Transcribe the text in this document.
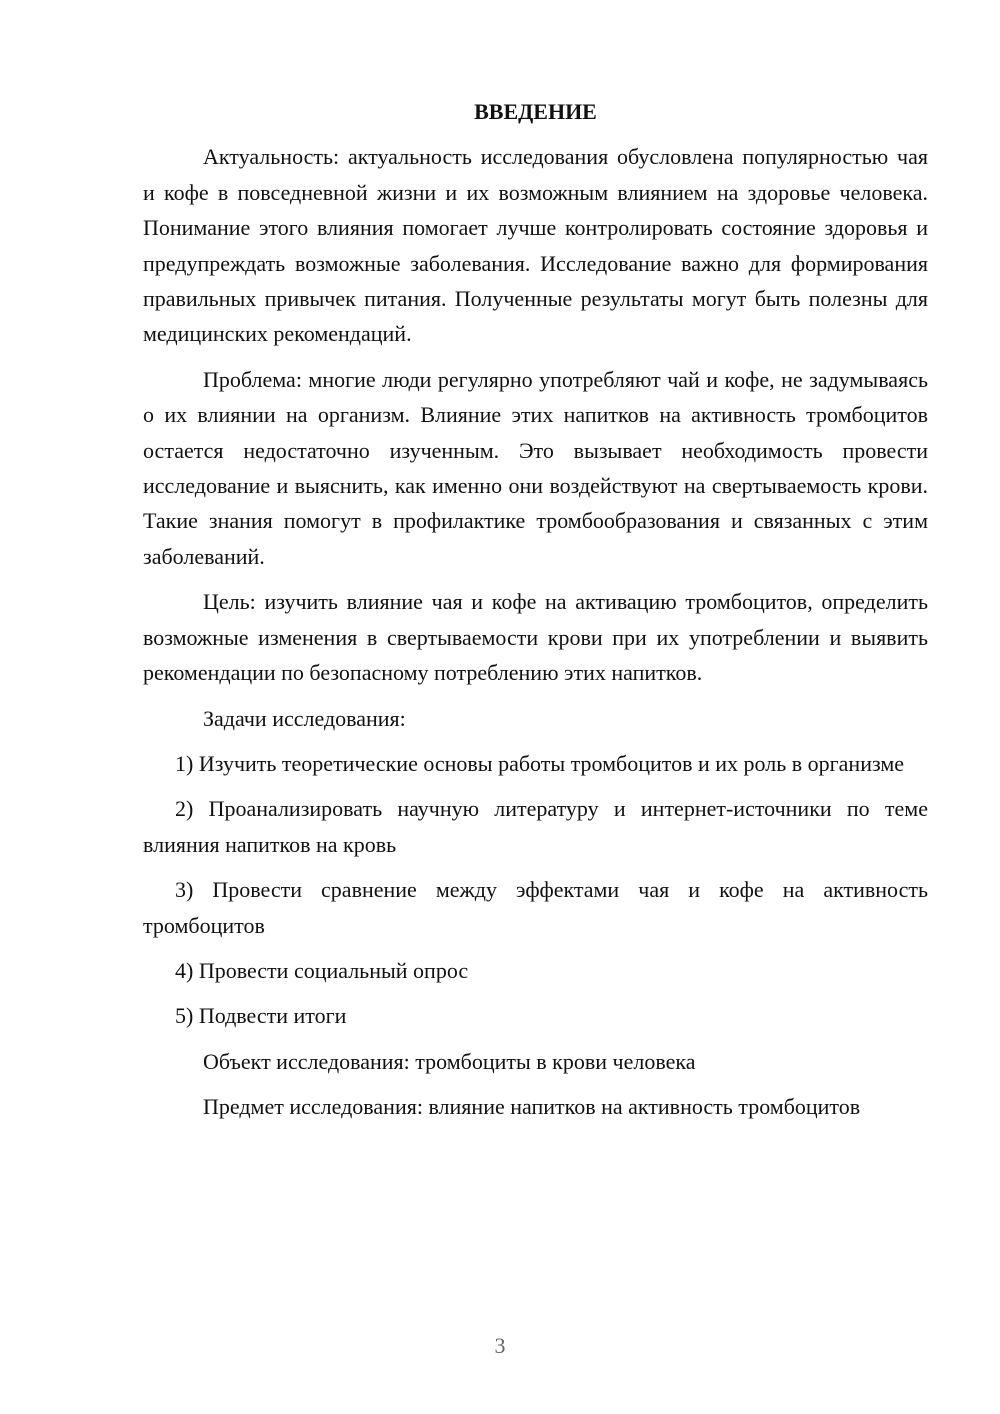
ВВЕДЕНИЕ

Актуальность: актуальность исследования обусловлена популярностью чая и кофе в повседневной жизни и их возможным влиянием на здоровье человека. Понимание этого влияния помогает лучше контролировать состояние здоровья и предупреждать возможные заболевания. Исследование важно для формирования правильных привычек питания. Полученные результаты могут быть полезны для медицинских рекомендаций.

Проблема: многие люди регулярно употребляют чай и кофе, не задумываясь о их влиянии на организм. Влияние этих напитков на активность тромбоцитов остается недостаточно изученным. Это вызывает необходимость провести исследование и выяснить, как именно они воздействуют на свертываемость крови. Такие знания помогут в профилактике тромбообразования и связанных с этим заболеваний.

Цель: изучить влияние чая и кофе на активацию тромбоцитов, определить возможные изменения в свертываемости крови при их употреблении и выявить рекомендации по безопасному потреблению этих напитков.

Задачи исследования:

1) Изучить теоретические основы работы тромбоцитов и их роль в организме

2) Проанализировать научную литературу и интернет-источники по теме влияния напитков на кровь

3) Провести сравнение между эффектами чая и кофе на активность тромбоцитов

4) Провести социальный опрос

5) Подвести итоги

Объект исследования: тромбоциты в крови человека

Предмет исследования: влияние напитков на активность тромбоцитов

3
